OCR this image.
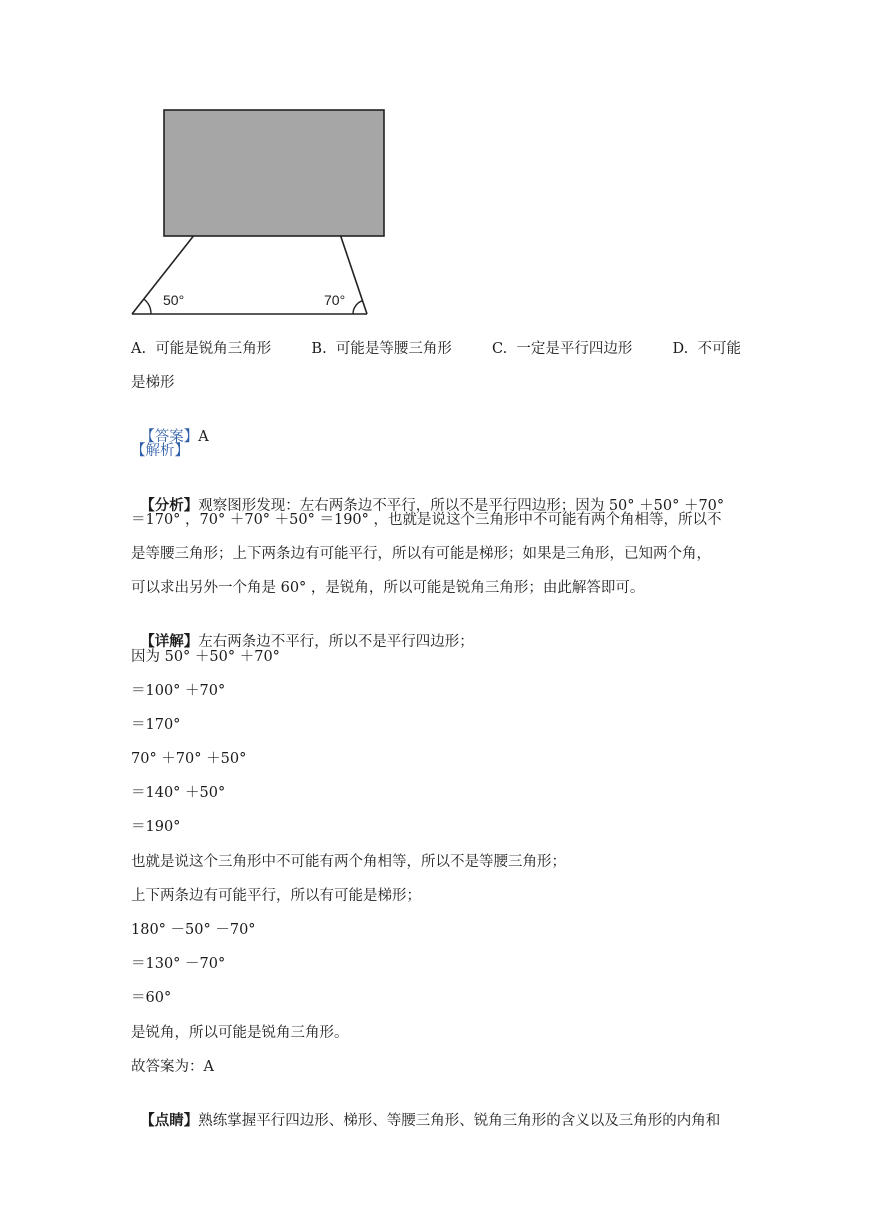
50°	70°
A.  可能是锐角三角形	B.  可能是等腰三角形	C.  一定是平行四边形	D.  不可能
是梯形

【答案】A

【解析】

【分析】观察图形发现：左右两条边不平行，所以不是平行四边形；因为 50° ＋50° ＋70°

＝170° ，70° ＋70° ＋50° ＝190° ，也就是说这个三角形中不可能有两个角相等，所以不
是等腰三角形；上下两条边有可能平行，所以有可能是梯形；如果是三角形，已知两个角，
可以求出另外一个角是 60° ，是锐角，所以可能是锐角三角形；由此解答即可。

【详解】左右两条边不平行，所以不是平行四边形；

因为 50° ＋50° ＋70°
＝100° ＋70°
＝170°
70° ＋70° ＋50°
＝140° ＋50°
＝190°
也就是说这个三角形中不可能有两个角相等，所以不是等腰三角形；
上下两条边有可能平行，所以有可能是梯形；
180° －50° －70°
＝130° －70°
＝60°
是锐角，所以可能是锐角三角形。
故答案为：A

【点睛】熟练掌握平行四边形、梯形、等腰三角形、锐角三角形的含义以及三角形的内角和
